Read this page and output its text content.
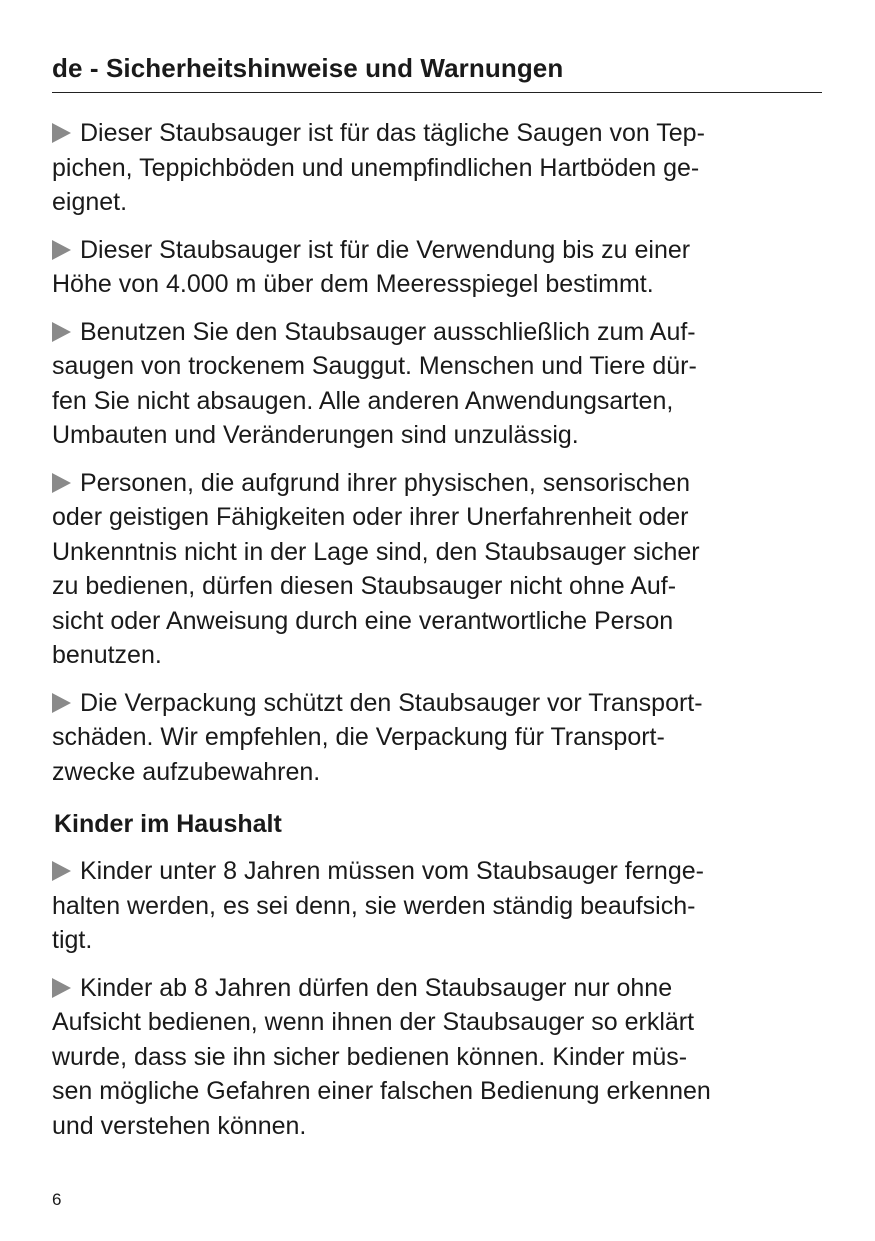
de - Sicherheitshinweise und Warnungen
Dieser Staubsauger ist für das tägliche Saugen von Tep-
pichen, Teppichböden und unempfindlichen Hartböden ge-
eignet.
Dieser Staubsauger ist für die Verwendung bis zu einer
Höhe von 4.000 m über dem Meeresspiegel bestimmt.
Benutzen Sie den Staubsauger ausschließlich zum Auf-
saugen von trockenem Sauggut. Menschen und Tiere dür-
fen Sie nicht absaugen. Alle anderen Anwendungsarten,
Umbauten und Veränderungen sind unzulässig.
Personen, die aufgrund ihrer physischen, sensorischen
oder geistigen Fähigkeiten oder ihrer Unerfahrenheit oder
Unkenntnis nicht in der Lage sind, den Staubsauger sicher
zu bedienen, dürfen diesen Staubsauger nicht ohne Auf-
sicht oder Anweisung durch eine verantwortliche Person
benutzen.
Die Verpackung schützt den Staubsauger vor Transport-
schäden. Wir empfehlen, die Verpackung für Transport-
zwecke aufzubewahren.
Kinder im Haushalt
Kinder unter 8 Jahren müssen vom Staubsauger fernge-
halten werden, es sei denn, sie werden ständig beaufsich-
tigt.
Kinder ab 8 Jahren dürfen den Staubsauger nur ohne
Aufsicht bedienen, wenn ihnen der Staubsauger so erklärt
wurde, dass sie ihn sicher bedienen können. Kinder müs-
sen mögliche Gefahren einer falschen Bedienung erkennen
und verstehen können.
6
